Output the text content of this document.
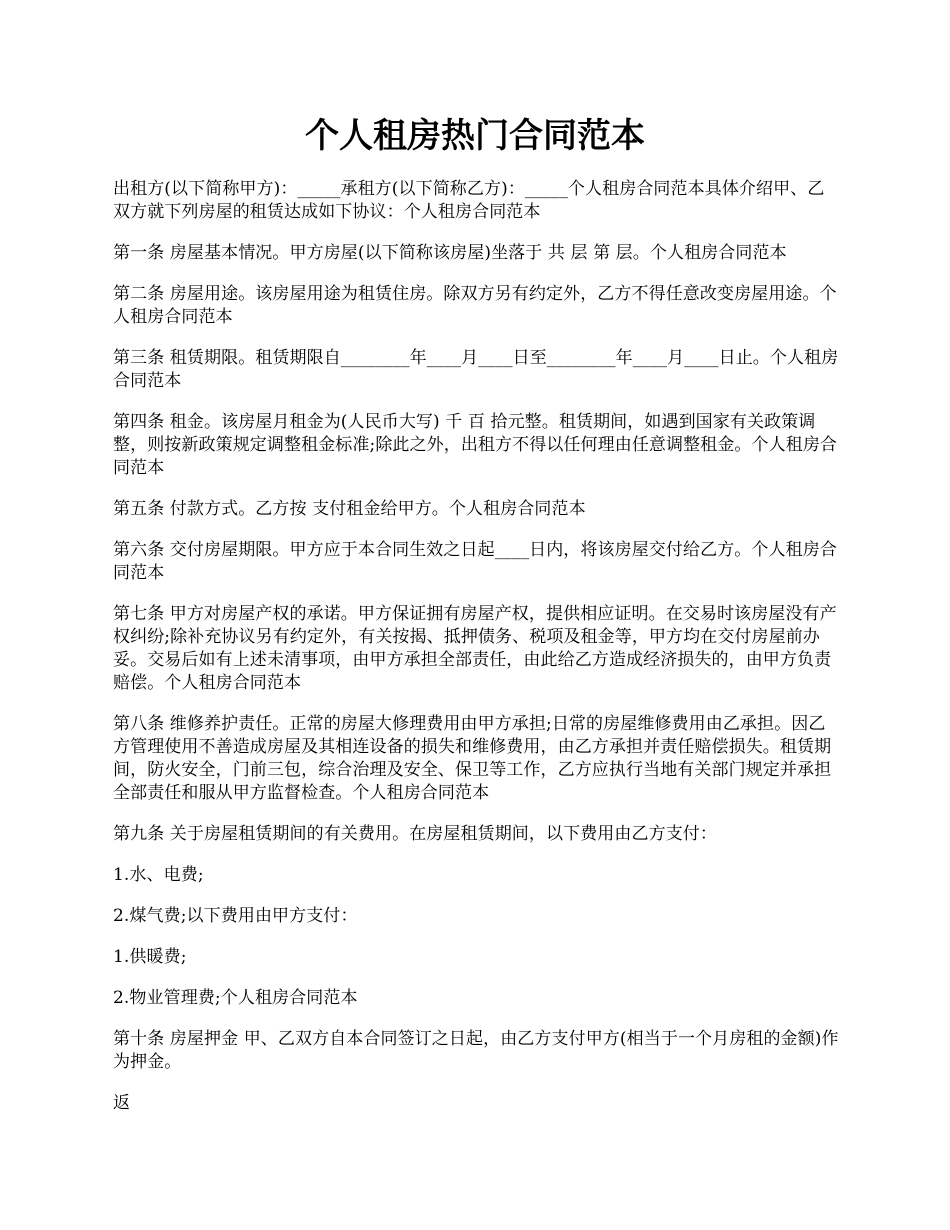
个人租房热门合同范本

出租方(以下简称甲方)：_____承租方(以下简称乙方)：_____个人租房合同范本具体介绍甲、乙双方就下列房屋的租赁达成如下协议：个人租房合同范本

第一条 房屋基本情况。甲方房屋(以下简称该房屋)坐落于 共 层 第 层。个人租房合同范本

第二条 房屋用途。该房屋用途为租赁住房。除双方另有约定外，乙方不得任意改变房屋用途。个人租房合同范本

第三条 租赁期限。租赁期限自________年____月____日至________年____月____日止。个人租房合同范本

第四条 租金。该房屋月租金为(人民币大写) 千 百 拾元整。租赁期间，如遇到国家有关政策调整，则按新政策规定调整租金标准;除此之外，出租方不得以任何理由任意调整租金。个人租房合同范本

第五条 付款方式。乙方按 支付租金给甲方。个人租房合同范本

第六条 交付房屋期限。甲方应于本合同生效之日起____日内，将该房屋交付给乙方。个人租房合同范本

第七条 甲方对房屋产权的承诺。甲方保证拥有房屋产权，提供相应证明。在交易时该房屋没有产权纠纷;除补充协议另有约定外，有关按揭、抵押债务、税项及租金等，甲方均在交付房屋前办妥。交易后如有上述未清事项，由甲方承担全部责任，由此给乙方造成经济损失的，由甲方负责赔偿。个人租房合同范本

第八条 维修养护责任。正常的房屋大修理费用由甲方承担;日常的房屋维修费用由乙承担。因乙方管理使用不善造成房屋及其相连设备的损失和维修费用，由乙方承担并责任赔偿损失。租赁期间，防火安全，门前三包，综合治理及安全、保卫等工作，乙方应执行当地有关部门规定并承担全部责任和服从甲方监督检查。个人租房合同范本

第九条 关于房屋租赁期间的有关费用。在房屋租赁期间，以下费用由乙方支付：

1.水、电费;

2.煤气费;以下费用由甲方支付：

1.供暖费;

2.物业管理费;个人租房合同范本

第十条 房屋押金 甲、乙双方自本合同签订之日起，由乙方支付甲方(相当于一个月房租的金额)作为押金。

返
